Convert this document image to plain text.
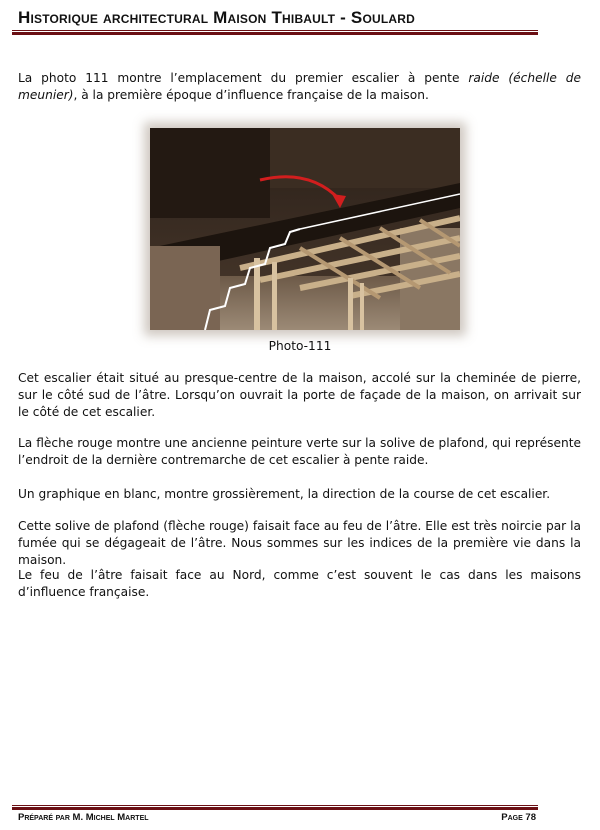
Historique architectural Maison Thibault - Soulard

La photo 111 montre l’emplacement du premier escalier à pente raide (échelle de meunier), à la première époque d’influence française de la maison.

Photo-111

Cet escalier était situé au presque-centre de la maison, accolé sur la cheminée de pierre, sur le côté sud de l’âtre. Lorsqu’on ouvrait la porte de façade de la maison, on arrivait sur le côté de cet escalier.

La flèche rouge montre une ancienne peinture verte sur la solive de plafond, qui représente l’endroit de la dernière contremarche de cet escalier à pente raide.

Un graphique en blanc, montre grossièrement, la direction de la course de cet escalier.

Cette solive de plafond (flèche rouge) faisait face au feu de l’âtre. Elle est très noircie par la fumée qui se dégageait de l’âtre. Nous sommes sur les indices de la première vie dans la maison.

Le feu de l’âtre faisait face au Nord, comme c’est souvent le cas dans les maisons d’influence française.

Préparé par M. Michel Martel	Page 78
